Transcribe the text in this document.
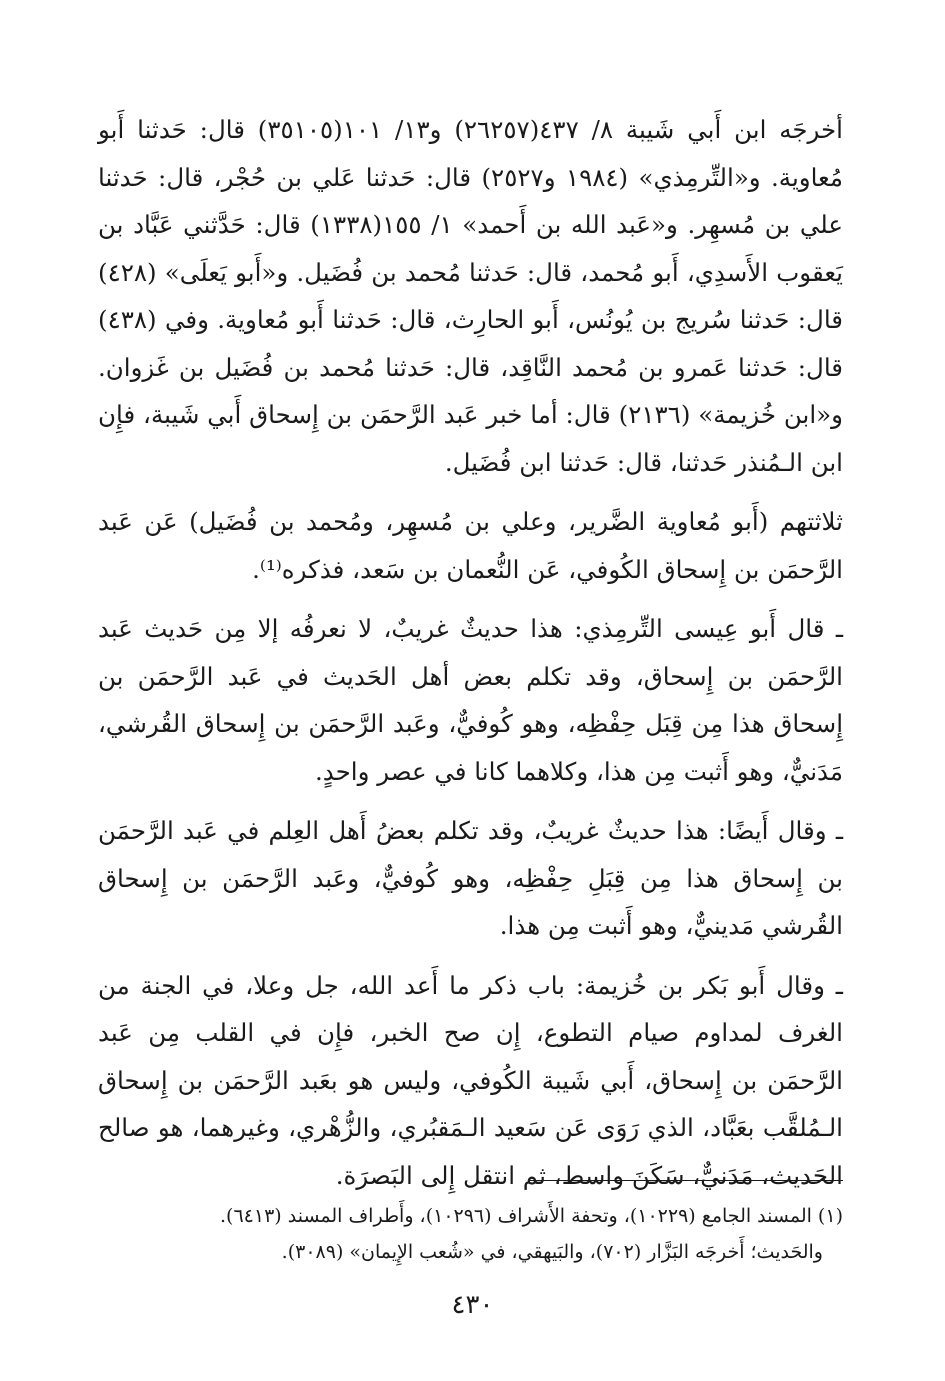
أخرجَه ابن أَبي شَيبة ٨/ ٤٣٧(٢٦٢٥٧) و١٣/ ١٠١(٣٥١٠٥) قال: حَدثنا أَبو مُعاوية. و«التِّرمِذي» (١٩٨٤ و٢٥٢٧) قال: حَدثنا عَلي بن حُجْر، قال: حَدثنا علي بن مُسهِر. و«عَبد الله بن أَحمد» ١/ ١٥٥(١٣٣٨) قال: حَدَّثني عَبَّاد بن يَعقوب الأَسدِي، أَبو مُحمد، قال: حَدثنا مُحمد بن فُضَيل. و«أَبو يَعلَى» (٤٢٨) قال: حَدثنا سُريج بن يُونُس، أَبو الحارِث، قال: حَدثنا أَبو مُعاوية. وفي (٤٣٨) قال: حَدثنا عَمرو بن مُحمد النَّاقِد، قال: حَدثنا مُحمد بن فُضَيل بن غَزوان. و«ابن خُزيمة» (٢١٣٦) قال: أما خبر عَبد الرَّحمَن بن إِسحاق أَبي شَيبة، فإِن ابن الـمُنذر حَدثنا، قال: حَدثنا ابن فُضَيل.

ثلاثتهم (أَبو مُعاوية الضَّرير، وعلي بن مُسهِر، ومُحمد بن فُضَيل) عَن عَبد الرَّحمَن بن إِسحاق الكُوفي، عَن النُّعمان بن سَعد، فذكره⁽¹⁾.

ـ قال أَبو عِيسى التِّرمِذي: هذا حديثٌ غريبٌ، لا نعرفُه إلا مِن حَديث عَبد الرَّحمَن بن إِسحاق، وقد تكلم بعض أهل الحَديث في عَبد الرَّحمَن بن إِسحاق هذا مِن قِبَل حِفْظِه، وهو كُوفيٌّ، وعَبد الرَّحمَن بن إِسحاق القُرشي، مَدَنيٌّ، وهو أَثبت مِن هذا، وكلاهما كانا في عصر واحدٍ.

ـ وقال أَيضًا: هذا حديثٌ غريبٌ، وقد تكلم بعضُ أَهل العِلم في عَبد الرَّحمَن بن إِسحاق هذا مِن قِبَلِ حِفْظِه، وهو كُوفيٌّ، وعَبد الرَّحمَن بن إِسحاق القُرشي مَدينيٌّ، وهو أَثبت مِن هذا.

ـ وقال أَبو بَكر بن خُزيمة: باب ذكر ما أَعد الله، جل وعلا، في الجنة من الغرف لمداوم صيام التطوع، إِن صح الخبر، فإِن في القلب مِن عَبد الرَّحمَن بن إِسحاق، أَبي شَيبة الكُوفي، وليس هو بعَبد الرَّحمَن بن إِسحاق الـمُلقَّب بعَبَّاد، الذي رَوَى عَن سَعيد الـمَقبُري، والزُّهْري، وغيرهما، هو صالح الحَديث، مَدَنيٌّ، سَكَنَ واسط، ثم انتقل إِلى البَصرَة.

(١) المسند الجامع (١٠٢٢٩)، وتحفة الأَشراف (١٠٢٩٦)، وأَطراف المسند (٦٤١٣).
والحَديث؛ أَخرجَه البَزَّار (٧٠٢)، والبَيهقي، في «شُعب الإِيمان» (٣٠٨٩).
٤٣٠
